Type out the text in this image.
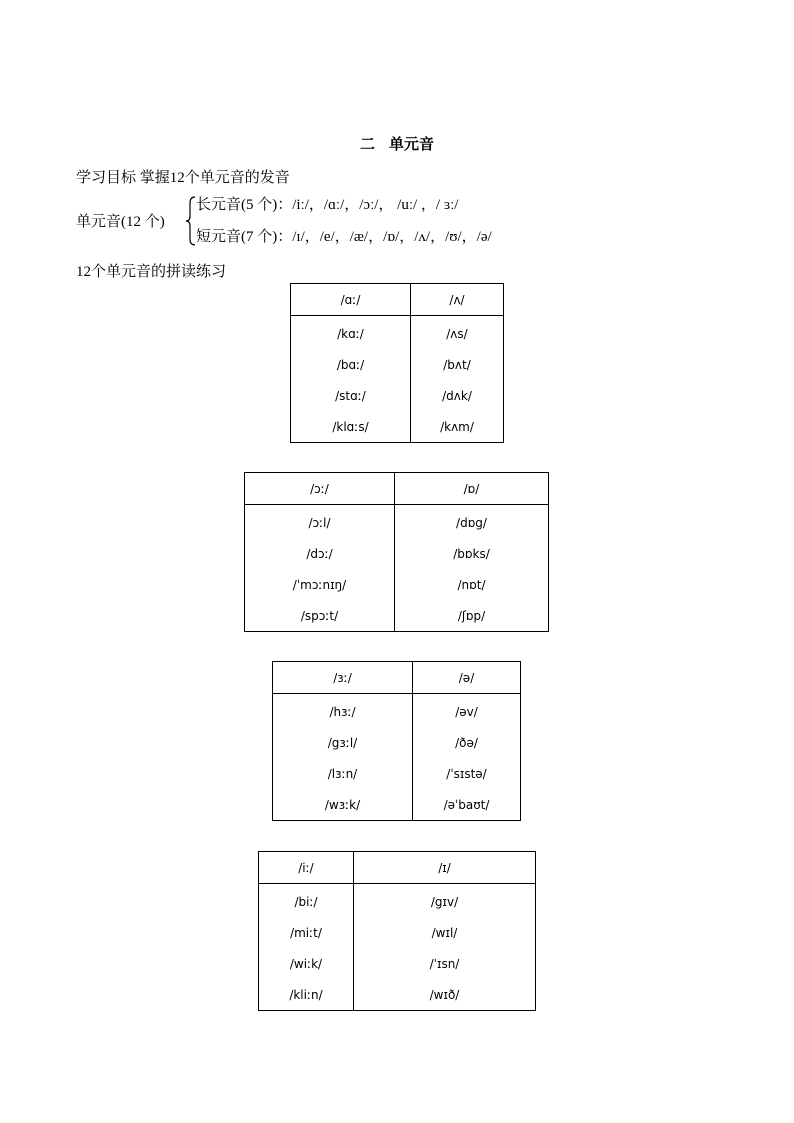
二 单元音
学习目标 掌握12个单元音的发音
单元音(12 个)
长元音(5 个)：/iː/，/ɑː/，/ɔː/， /uː/ ，/ ɜː/
短元音(7 个)：/ɪ/，/e/，/æ/，/ɒ/，/ʌ/，/ʊ/，/ə/
12个单元音的拼读练习
/ɑː/	/ʌ/
/kɑː/	/ʌs/
/bɑː/	/bʌt/
/stɑː/	/dʌk/
/klɑːs/	/kʌm/
/ɔː/	/ɒ/
/ɔːl/	/dɒg/
/dɔː/	/bɒks/
/ˈmɔːnɪŋ/	/nɒt/
/spɔːt/	/ʃɒp/
/ɜː/	/ə/
/hɜː/	/əv/
/gɜːl/	/ðə/
/lɜːn/	/ˈsɪstə/
/wɜːk/	/əˈbaʊt/
/iː/	/ɪ/
/biː/	/gɪv/
/miːt/	/wɪl/
/wiːk/	/ˈɪsn/
/kliːn/	/wɪð/
